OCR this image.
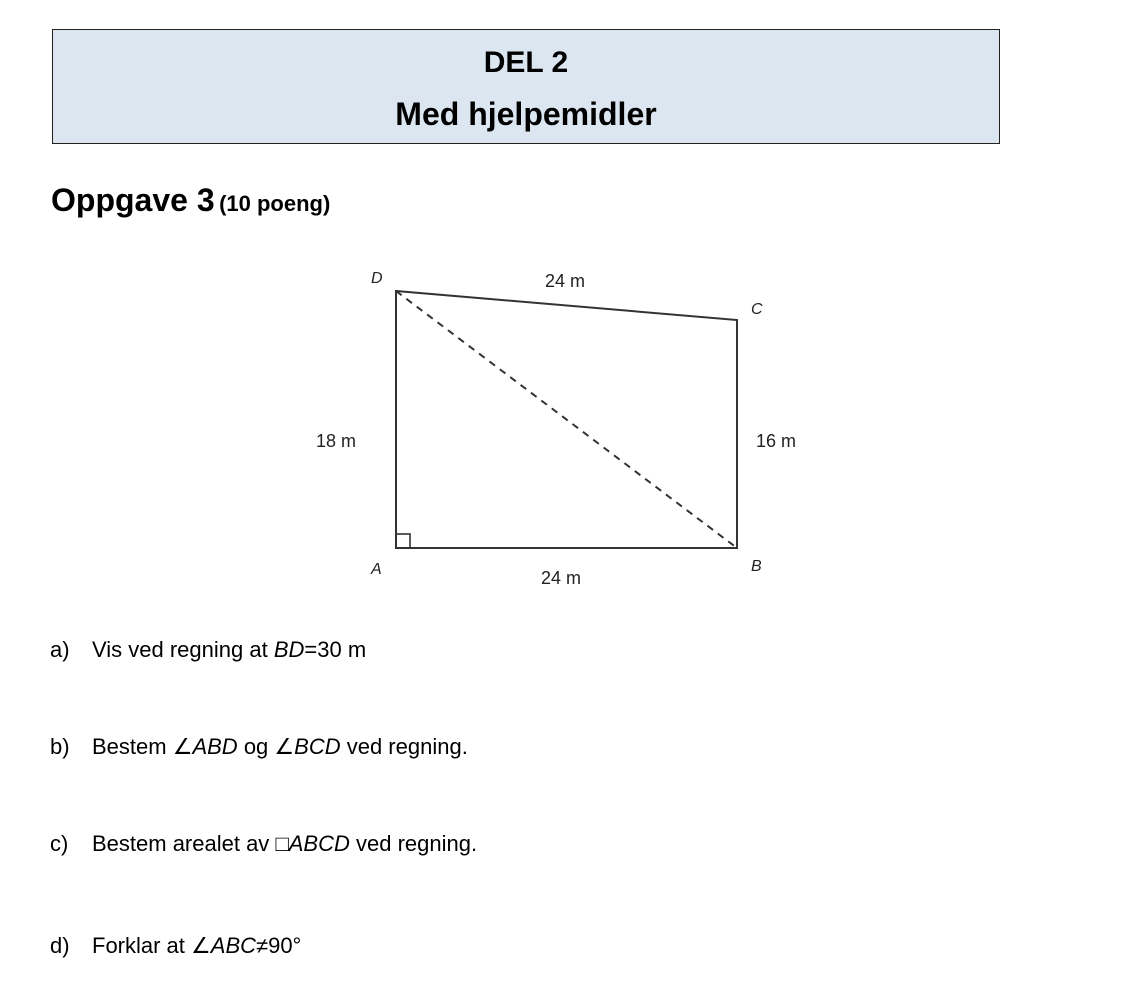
DEL 2
Med hjelpemidler
Oppgave 3 (10 poeng)
D
C
A	B
24 m
24 m
18 m	16 m
a) Vis ved regning at BD=30 m
b) Bestem ∠ABD og ∠BCD ved regning.
c) Bestem arealet av □ABCD ved regning.
d) Forklar at ∠ABC≠90°
